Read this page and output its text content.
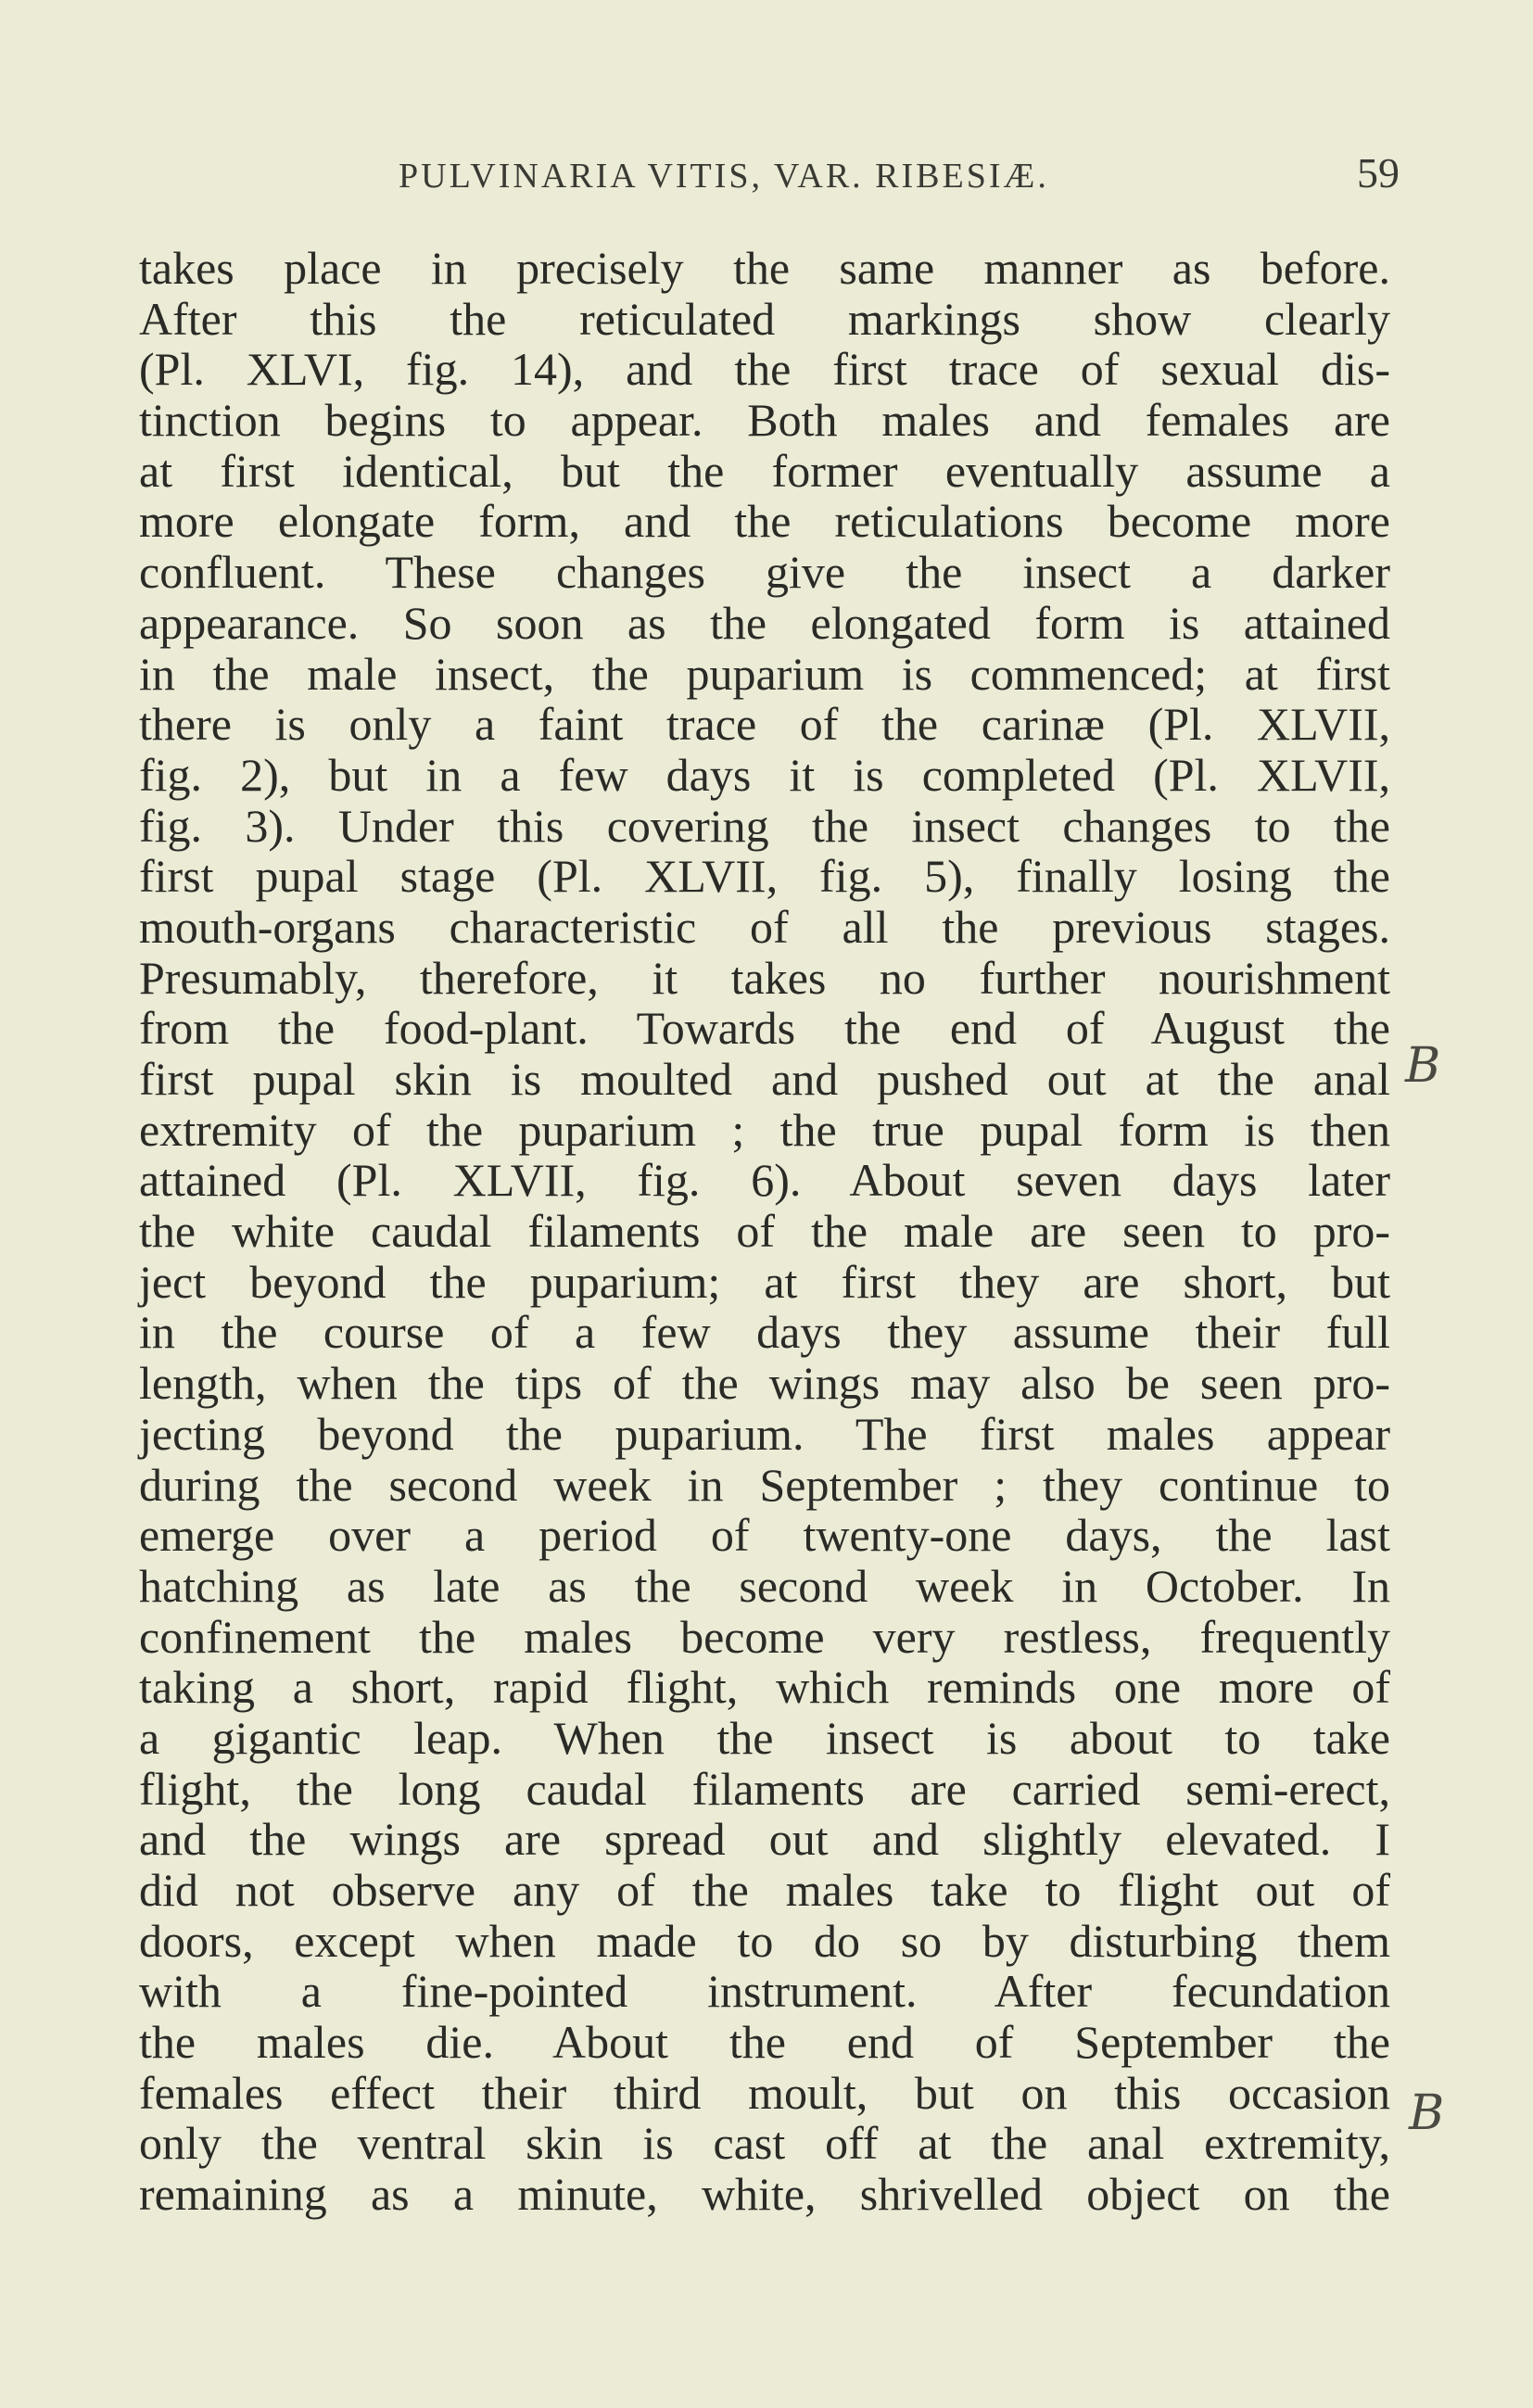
PULVINARIA VITIS, VAR. RIBESIÆ.	59
takes place in precisely the same manner as before.
After this the reticulated markings show clearly
(Pl. XLVI, fig. 14), and the first trace of sexual dis-
tinction begins to appear. Both males and females are
at first identical, but the former eventually assume a
more elongate form, and the reticulations become more
confluent. These changes give the insect a darker
appearance. So soon as the elongated form is attained
in the male insect, the puparium is commenced; at first
there is only a faint trace of the carinæ (Pl. XLVII,
fig. 2), but in a few days it is completed (Pl. XLVII,
fig. 3). Under this covering the insect changes to the
first pupal stage (Pl. XLVII, fig. 5), finally losing the
mouth-organs characteristic of all the previous stages.
Presumably, therefore, it takes no further nourishment
from the food-plant. Towards the end of August the
first pupal skin is moulted and pushed out at the anal
extremity of the puparium ; the true pupal form is then
attained (Pl. XLVII, fig. 6). About seven days later
the white caudal filaments of the male are seen to pro-
ject beyond the puparium; at first they are short, but
in the course of a few days they assume their full
length, when the tips of the wings may also be seen pro-
jecting beyond the puparium. The first males appear
during the second week in September ; they continue to
emerge over a period of twenty-one days, the last
hatching as late as the second week in October. In
confinement the males become very restless, frequently
taking a short, rapid flight, which reminds one more of
a gigantic leap. When the insect is about to take
flight, the long caudal filaments are carried semi-erect,
and the wings are spread out and slightly elevated. I
did not observe any of the males take to flight out of
doors, except when made to do so by disturbing them
with a fine-pointed instrument. After fecundation
the males die. About the end of September the
females effect their third moult, but on this occasion
only the ventral skin is cast off at the anal extremity,
remaining as a minute, white, shrivelled object on the
B
B
